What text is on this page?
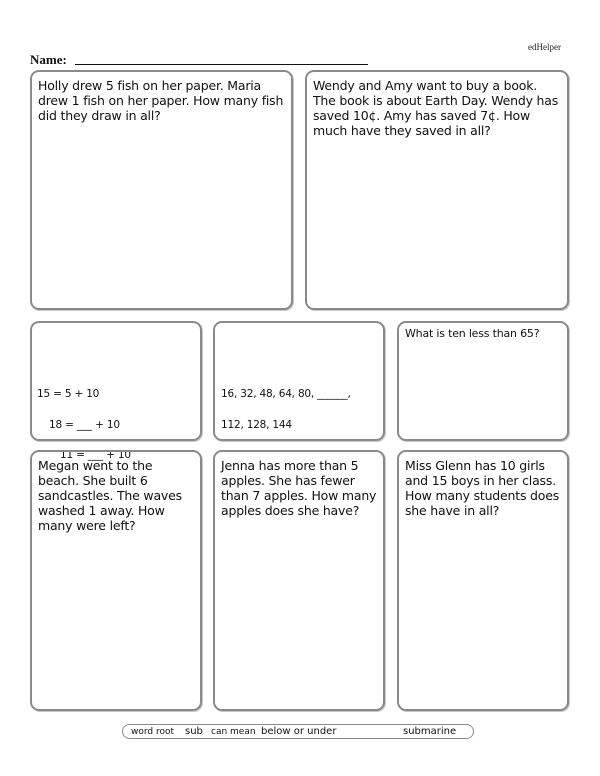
edHelper
Name:
Holly drew 5 fish on her paper. Maria drew 1 fish on her paper. How many fish did they draw in all?
Wendy and Amy want to buy a book. The book is about Earth Day. Wendy has saved 10¢. Amy has saved 7¢. How much have they saved in all?
15 = 5 + 10
18 = ___ + 10
11 = ___ + 10
16, 32, 48, 64, 80, ______,
112, 128, 144
What is ten less than 65?
Megan went to the beach. She built 6 sandcastles. The waves washed 1 away. How many were left?
Jenna has more than 5 apples. She has fewer than 7 apples. How many apples does she have?
Miss Glenn has 10 girls and 15 boys in her class. How many students does she have in all?
word root sub can mean below or under	submarine
